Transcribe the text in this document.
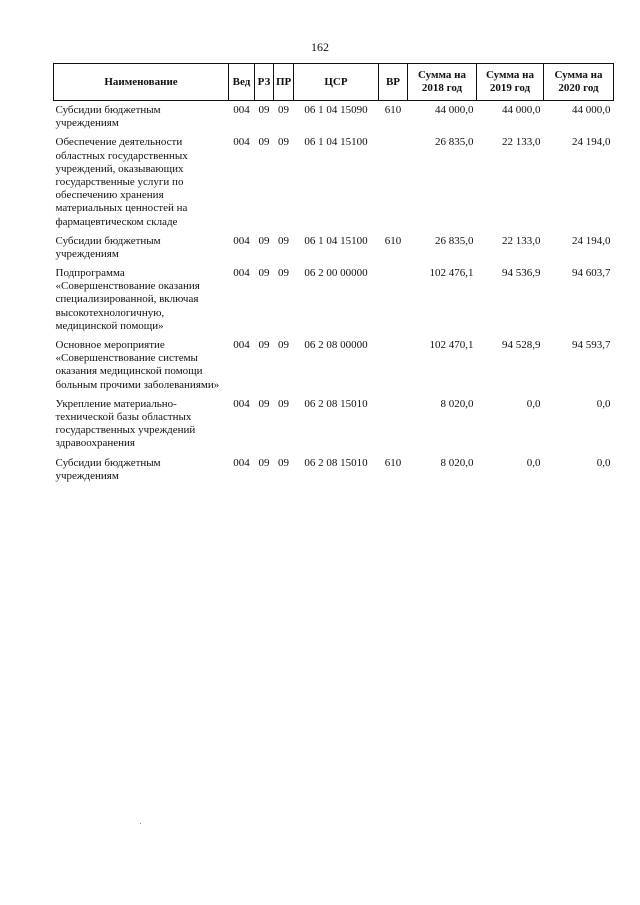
162
Наименование	Вед	РЗ	ПР	ЦСР	ВР	Сумма на 2018 год	Сумма на 2019 год	Сумма на 2020 год
Субсидии бюджетным учреждениям	004	09	09	06 1 04 15090	610	44 000,0	44 000,0	44 000,0
Обеспечение деятельности областных государственных учреждений, оказывающих государственные услуги по обеспечению хранения материальных ценностей на фармацевтическом складе	004	09	09	06 1 04 15100		26 835,0	22 133,0	24 194,0
Субсидии бюджетным учреждениям	004	09	09	06 1 04 15100	610	26 835,0	22 133,0	24 194,0
Подпрограмма «Совершенствование оказания специализированной, включая высокотехнологичную, медицинской помощи»	004	09	09	06 2 00 00000		102 476,1	94 536,9	94 603,7
Основное мероприятие «Совершенствование системы оказания медицинской помощи больным прочими заболеваниями»	004	09	09	06 2 08 00000		102 470,1	94 528,9	94 593,7
Укрепление материально-технической базы областных государственных учреждений здравоохранения	004	09	09	06 2 08 15010		8 020,0	0,0	0,0
Субсидии бюджетным учреждениям	004	09	09	06 2 08 15010	610	8 020,0	0,0	0,0
